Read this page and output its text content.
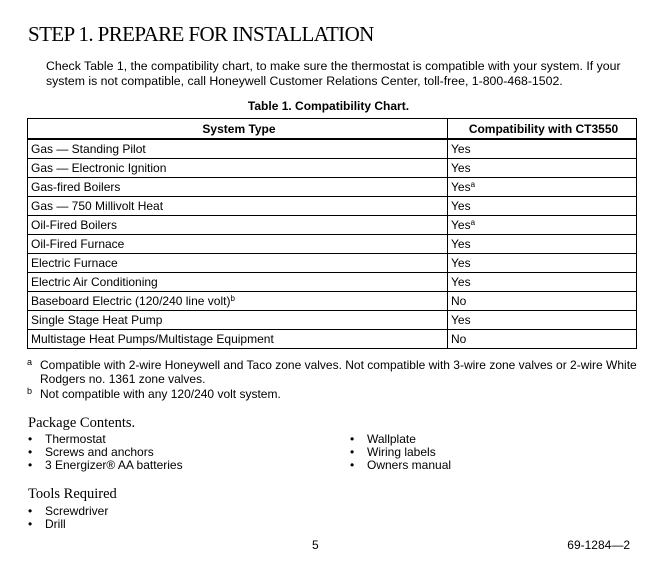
STEP 1. PREPARE FOR INSTALLATION

Check Table 1, the compatibility chart, to make sure the thermostat is compatible with your system. If your system is not compatible, call Honeywell Customer Relations Center, toll-free, 1-800-468-1502.

Table 1. Compatibility Chart.

System Type	Compatibility with CT3550
Gas — Standing Pilot	Yes
Gas — Electronic Ignition	Yes
Gas-fired Boilers	Yes$^a$
Gas — 750 Millivolt Heat	Yes
Oil-Fired Boilers	Yes$^a$
Oil-Fired Furnace	Yes
Electric Furnace	Yes
Electric Air Conditioning	Yes
Baseboard Electric (120/240 line volt)$^b$	No
Single Stage Heat Pump	Yes
Multistage Heat Pumps/Multistage Equipment	No

a Compatible with 2-wire Honeywell and Taco zone valves. Not compatible with 3-wire zone valves or 2-wire White Rodgers no. 1361 zone valves.

b Not compatible with any 120/240 volt system.

Package Contents.
• Thermostat
• Screws and anchors
• 3 Energizer® AA batteries
• Wallplate
• Wiring labels
• Owners manual
Tools Required
• Screwdriver
• Drill
5	69-1284—2
